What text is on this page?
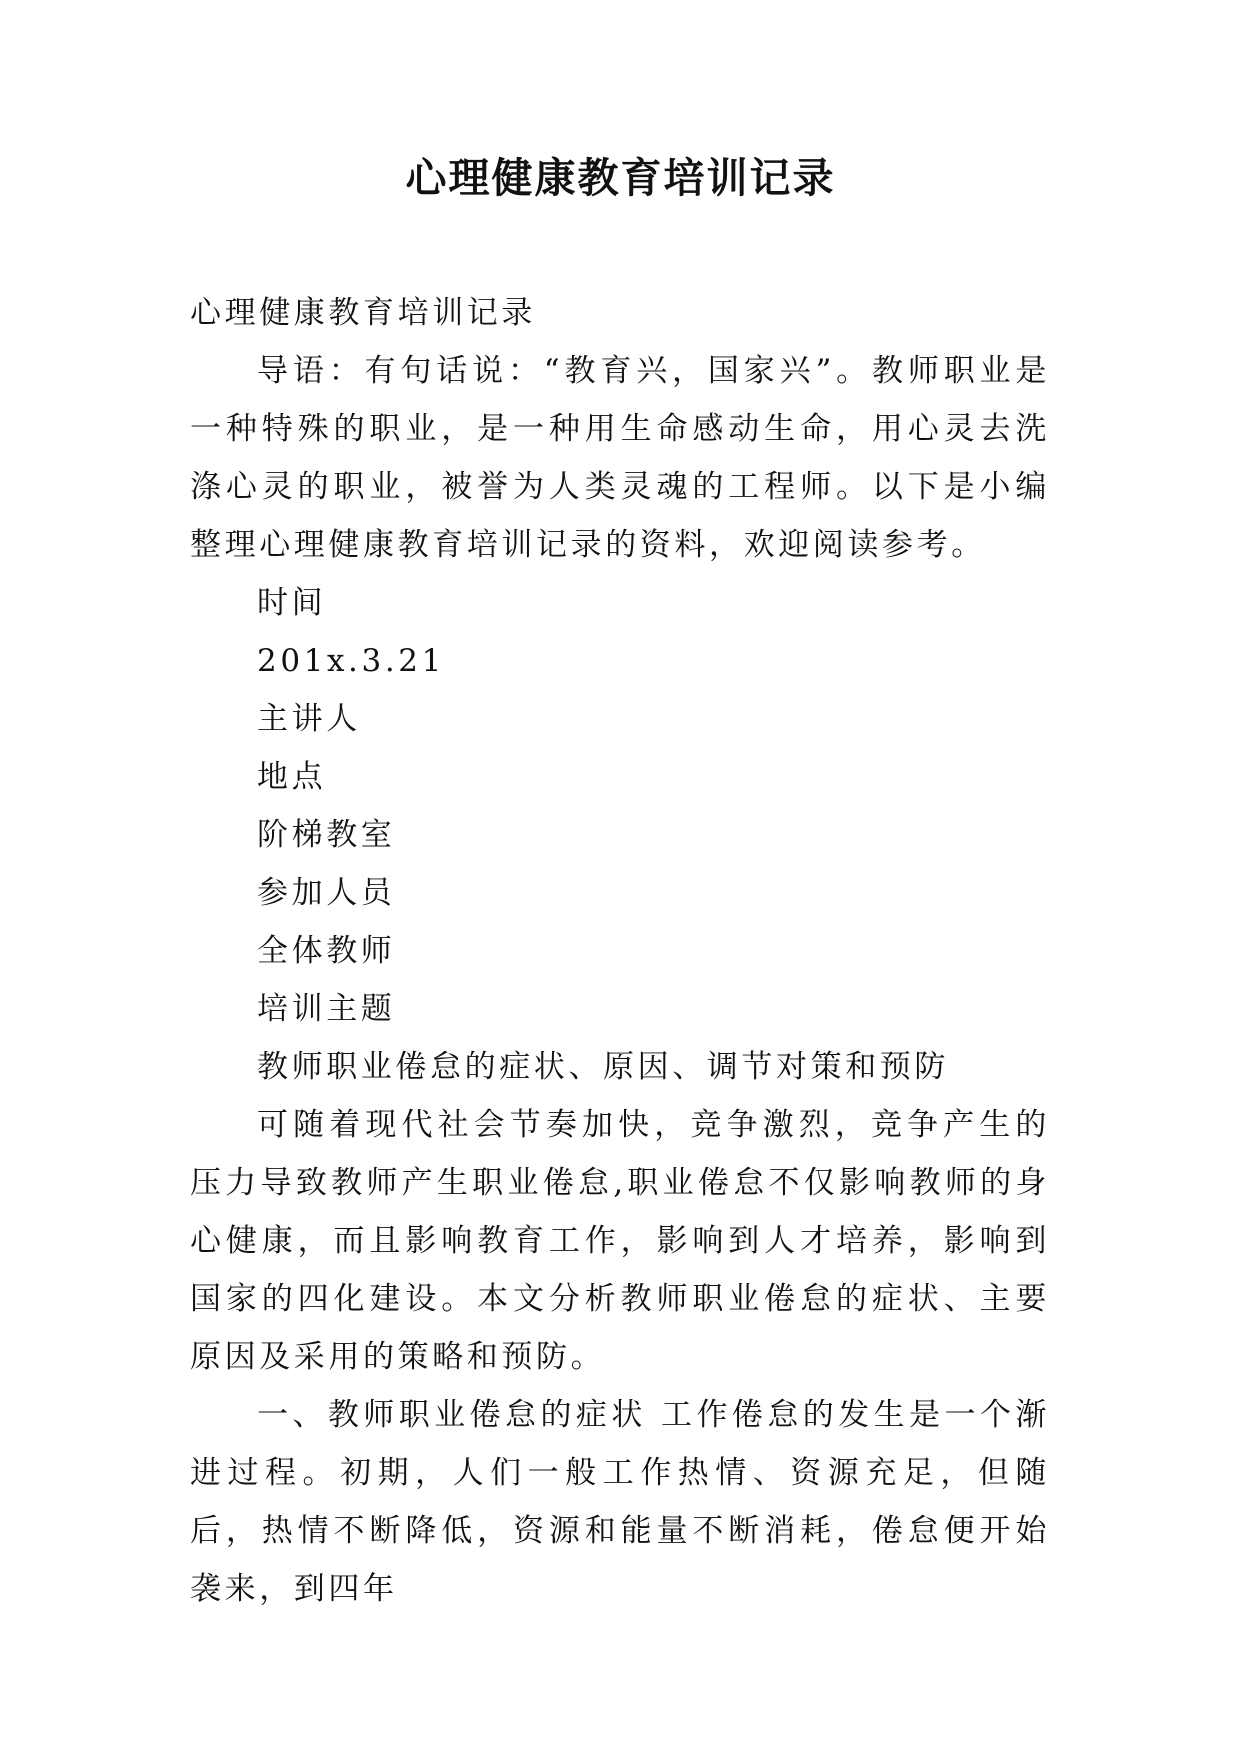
心理健康教育培训记录

心理健康教育培训记录

导语：有句话说：“教育兴，国家兴”。教师职业是一种特殊的职业，是一种用生命感动生命，用心灵去洗涤心灵的职业，被誉为人类灵魂的工程师。以下是小编整理心理健康教育培训记录的资料，欢迎阅读参考。

时间

201x.3.21

主讲人

地点

阶梯教室

参加人员

全体教师

培训主题

教师职业倦怠的症状、原因、调节对策和预防

可随着现代社会节奏加快，竞争激烈，竞争产生的压力导致教师产生职业倦怠,职业倦怠不仅影响教师的身心健康，而且影响教育工作，影响到人才培养，影响到国家的四化建设。本文分析教师职业倦怠的症状、主要原因及采用的策略和预防。

一、教师职业倦怠的症状 工作倦怠的发生是一个渐进过程。初期，人们一般工作热情、资源充足，但随后，热情不断降低，资源和能量不断消耗，倦怠便开始袭来，到四年
